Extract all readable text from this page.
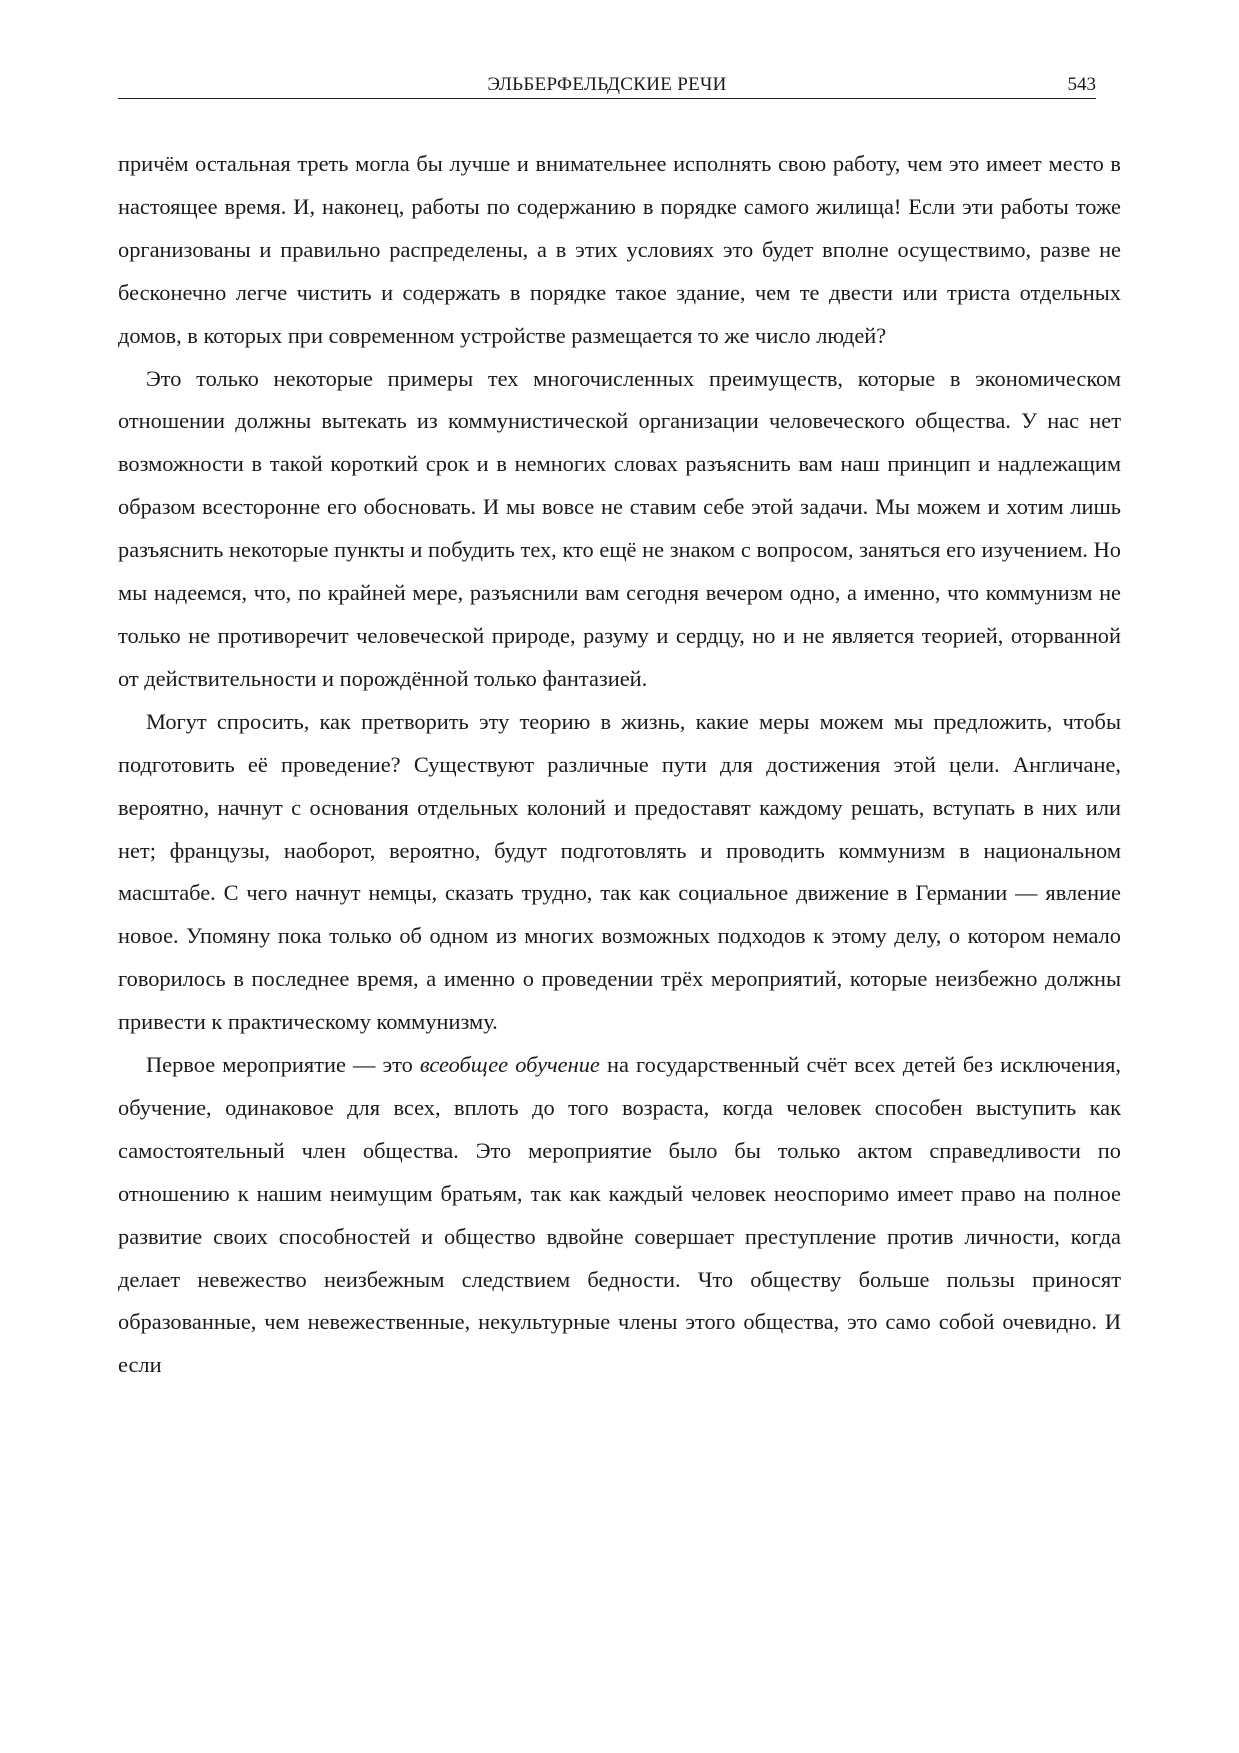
ЭЛЬБЕРФЕЛЬДСКИЕ РЕЧИ	543

причём остальная треть могла бы лучше и внимательнее исполнять свою работу, чем это имеет место в настоящее время. И, наконец, работы по содержанию в порядке самого жилища! Если эти работы тоже организованы и правильно распределены, а в этих условиях это будет вполне осуществимо, разве не бесконечно легче чистить и содержать в порядке такое здание, чем те двести или триста отдельных домов, в которых при современном устройстве размещается то же число людей?

Это только некоторые примеры тех многочисленных преимуществ, которые в экономическом отношении должны вытекать из коммунистической организации человеческого общества. У нас нет возможности в такой короткий срок и в немногих словах разъяснить вам наш принцип и надлежащим образом всесторонне его обосновать. И мы вовсе не ставим себе этой задачи. Мы можем и хотим лишь разъяснить некоторые пункты и побудить тех, кто ещё не знаком с вопросом, заняться его изучением. Но мы надеемся, что, по крайней мере, разъяснили вам сегодня вечером одно, а именно, что коммунизм не только не противоречит человеческой природе, разуму и сердцу, но и не является теорией, оторванной от действительности и порождённой только фантазией.

Могут спросить, как претворить эту теорию в жизнь, какие меры можем мы предложить, чтобы подготовить её проведение? Существуют различные пути для достижения этой цели. Англичане, вероятно, начнут с основания отдельных колоний и предоставят каждому решать, вступать в них или нет; французы, наоборот, вероятно, будут подготовлять и проводить коммунизм в национальном масштабе. С чего начнут немцы, сказать трудно, так как социальное движение в Германии — явление новое. Упомяну пока только об одном из многих возможных подходов к этому делу, о котором немало говорилось в последнее время, а именно о проведении трёх мероприятий, которые неизбежно должны привести к практическому коммунизму.

Первое мероприятие — это всеобщее обучение на государственный счёт всех детей без исключения, обучение, одинаковое для всех, вплоть до того возраста, когда человек способен выступить как самостоятельный член общества. Это мероприятие было бы только актом справедливости по отношению к нашим неимущим братьям, так как каждый человек неоспоримо имеет право на полное развитие своих способностей и общество вдвойне совершает преступление против личности, когда делает невежество неизбежным следствием бедности. Что обществу больше пользы приносят образованные, чем невежественные, некультурные члены этого общества, это само собой очевидно. И если
